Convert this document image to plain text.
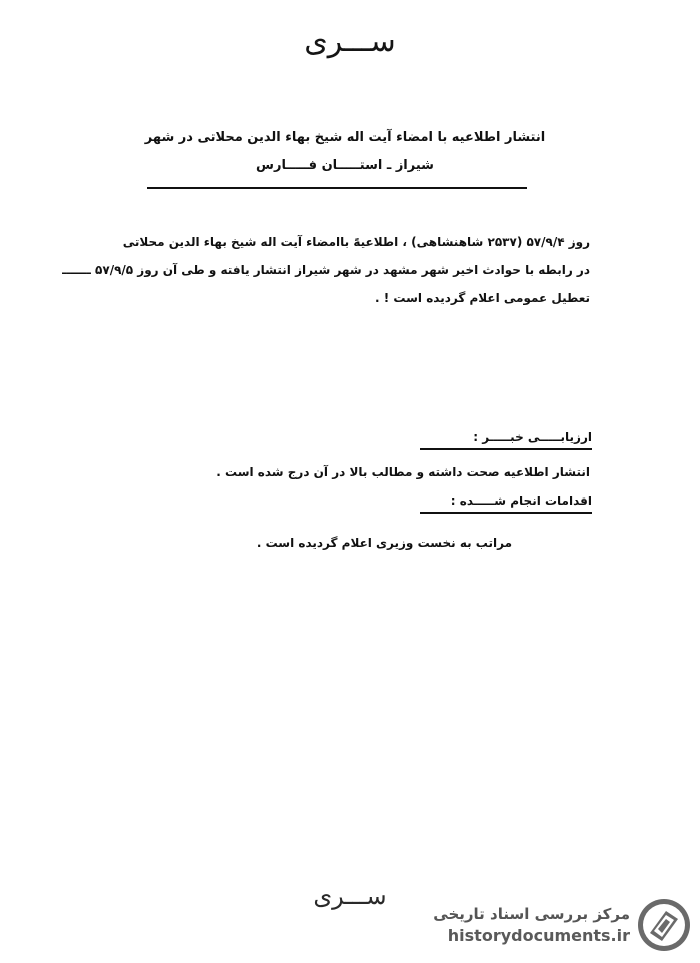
ســـری
انتشار اطلاعیه با امضاء آیت اله شیخ بهاء الدین محلاتی در شهر
شیراز ـ استـــــان فـــــارس
روز ۵۷/۹/۴ (۲۵۳۷ شاهنشاهی) ، اطلاعیهًً باامضاء آیت اله شیخ بهاء الدین محلاتی
در رابطه با حوادث اخیر شهر مشهد در شهر شیراز انتشار یافته و طی آن روز ۵۷/۹/۵ ـــــــ
تعطیل عمومی اعلام گردیده است ! .
ارزیابـــــی خبـــــر :
انتشار اطلاعیه صحت داشته و مطالب بالا در آن درج شده است .
اقدامات انجام شـــــده :
مراتب به نخست وزیری اعلام گردیده است .
ســـری
مرکز بررسی اسناد تاریخی
historydocuments.ir
